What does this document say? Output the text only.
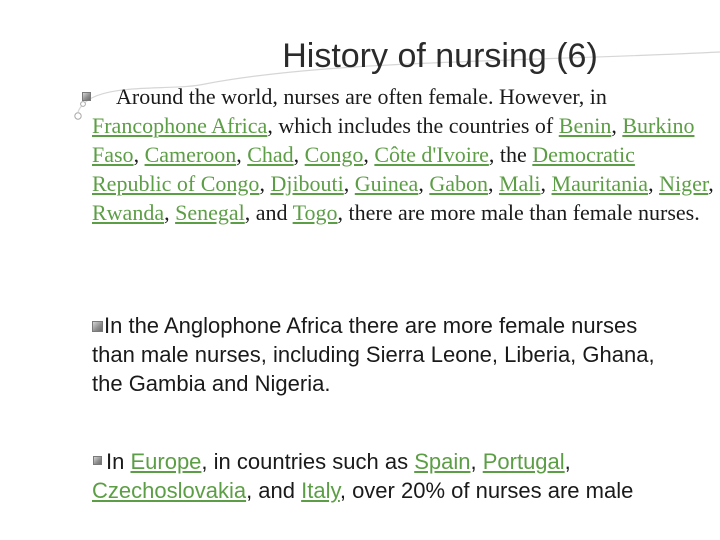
History of nursing (6)

Around the world, nurses are often female. However, in Francophone Africa, which includes the countries of Benin, Burkino Faso, Cameroon, Chad, Congo, Côte d'Ivoire, the Democratic Republic of Congo, Djibouti, Guinea, Gabon, Mali, Mauritania, Niger, Rwanda, Senegal, and Togo, there are more male than female nurses.

In the Anglophone Africa there are more female nurses than male nurses, including Sierra Leone, Liberia, Ghana, the Gambia and Nigeria.

In Europe, in countries such as Spain, Portugal, Czechoslovakia, and Italy, over 20% of nurses are male
